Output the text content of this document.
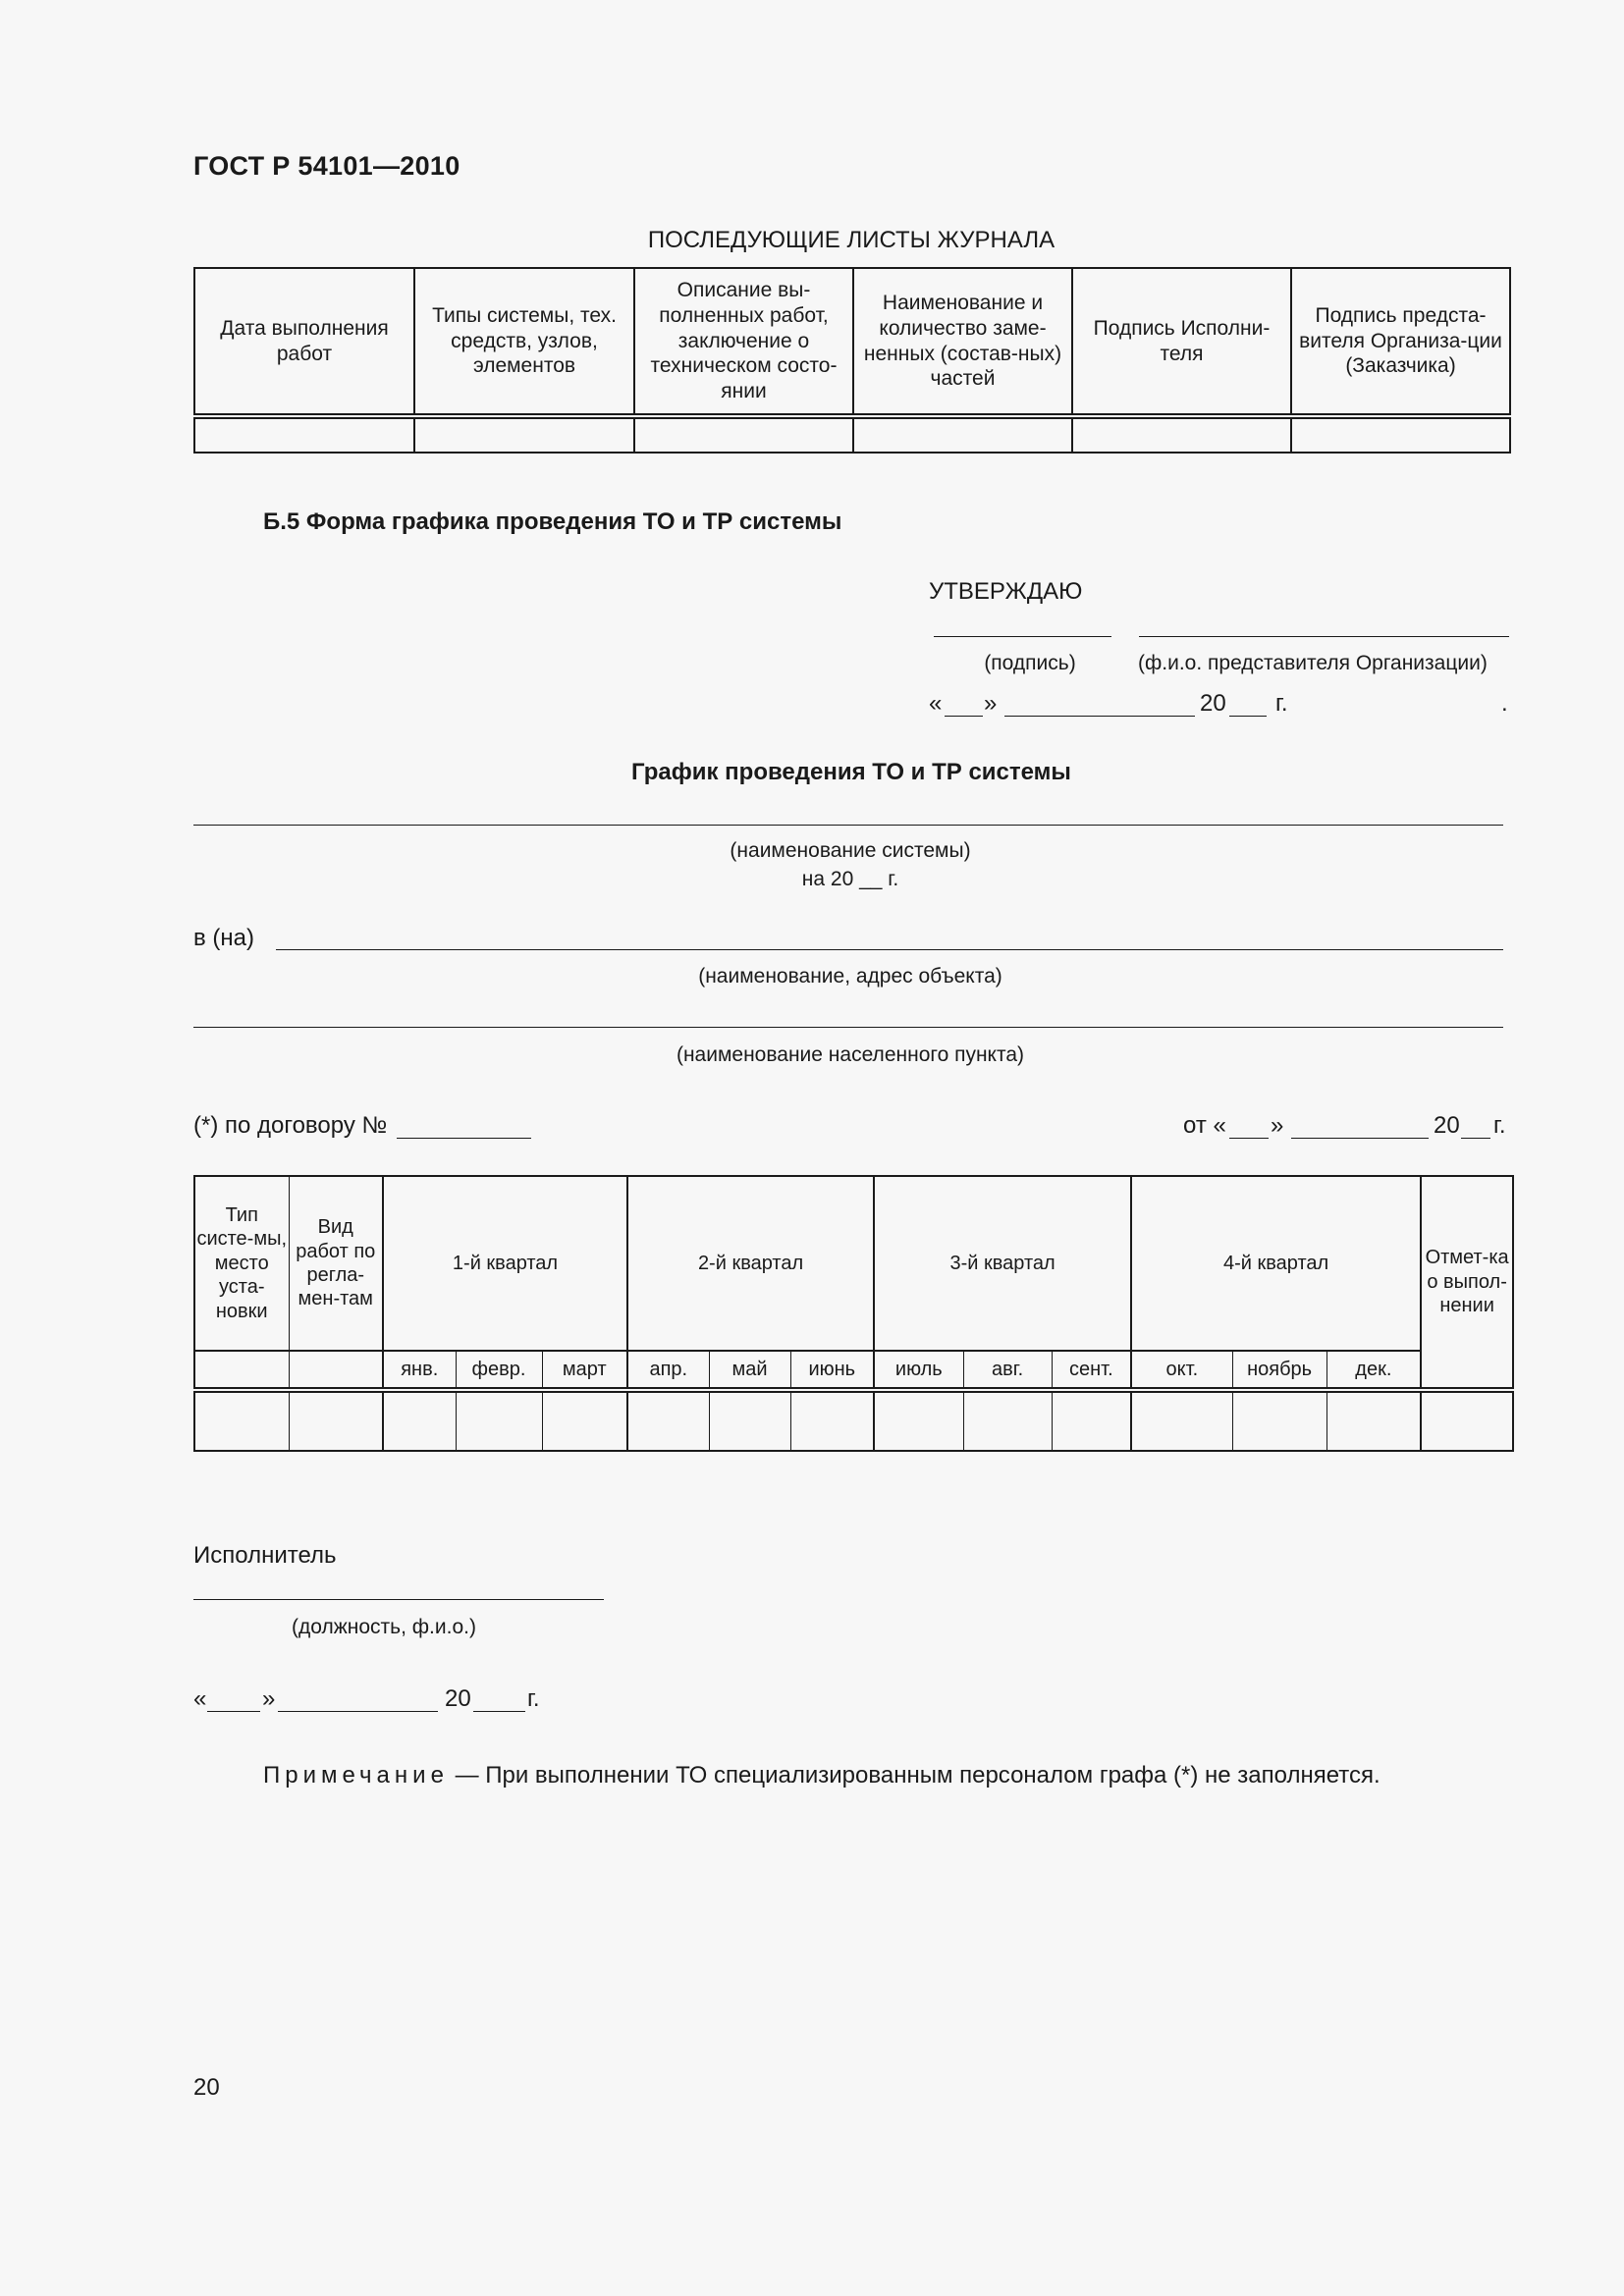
ГОСТ Р 54101—2010
ПОСЛЕДУЮЩИЕ ЛИСТЫ ЖУРНАЛА
Дата выполнения работ	Типы системы, тех. средств, узлов, элементов	Описание вы-полненных работ, заключение о техническом состо-янии	Наименование и количество заме-ненных (состав-ных) частей	Подпись Исполни-теля	Подпись предста-вителя Организа-ции (Заказчика)

Б.5 Форма графика проведения ТО и ТР системы
УТВЕРЖДАЮ
(подпись)	(ф.и.о. представителя Организации)
« »	20 г.	.
График проведения ТО и ТР системы
(наименование системы)
на 20 __ г.
в (на)
(наименование, адрес объекта)
(наименование населенного пункта)
(*) по договору №	от « »	20 г.
Тип систе-мы, место уста-новки	Вид работ по регла-мен-там	1-й квартал			2-й квартал			3-й квартал			4-й квартал			Отмет-ка о выпол-нении
		янв.	февр.	март	апр.	май	июнь	июль	авг.	сент.	окт.	ноябрь	дек.	

Исполнитель
(должность, ф.и.о.)
« »	20 г.
Примечание — При выполнении ТО специализированным персоналом графа (*) не заполняется.
20
